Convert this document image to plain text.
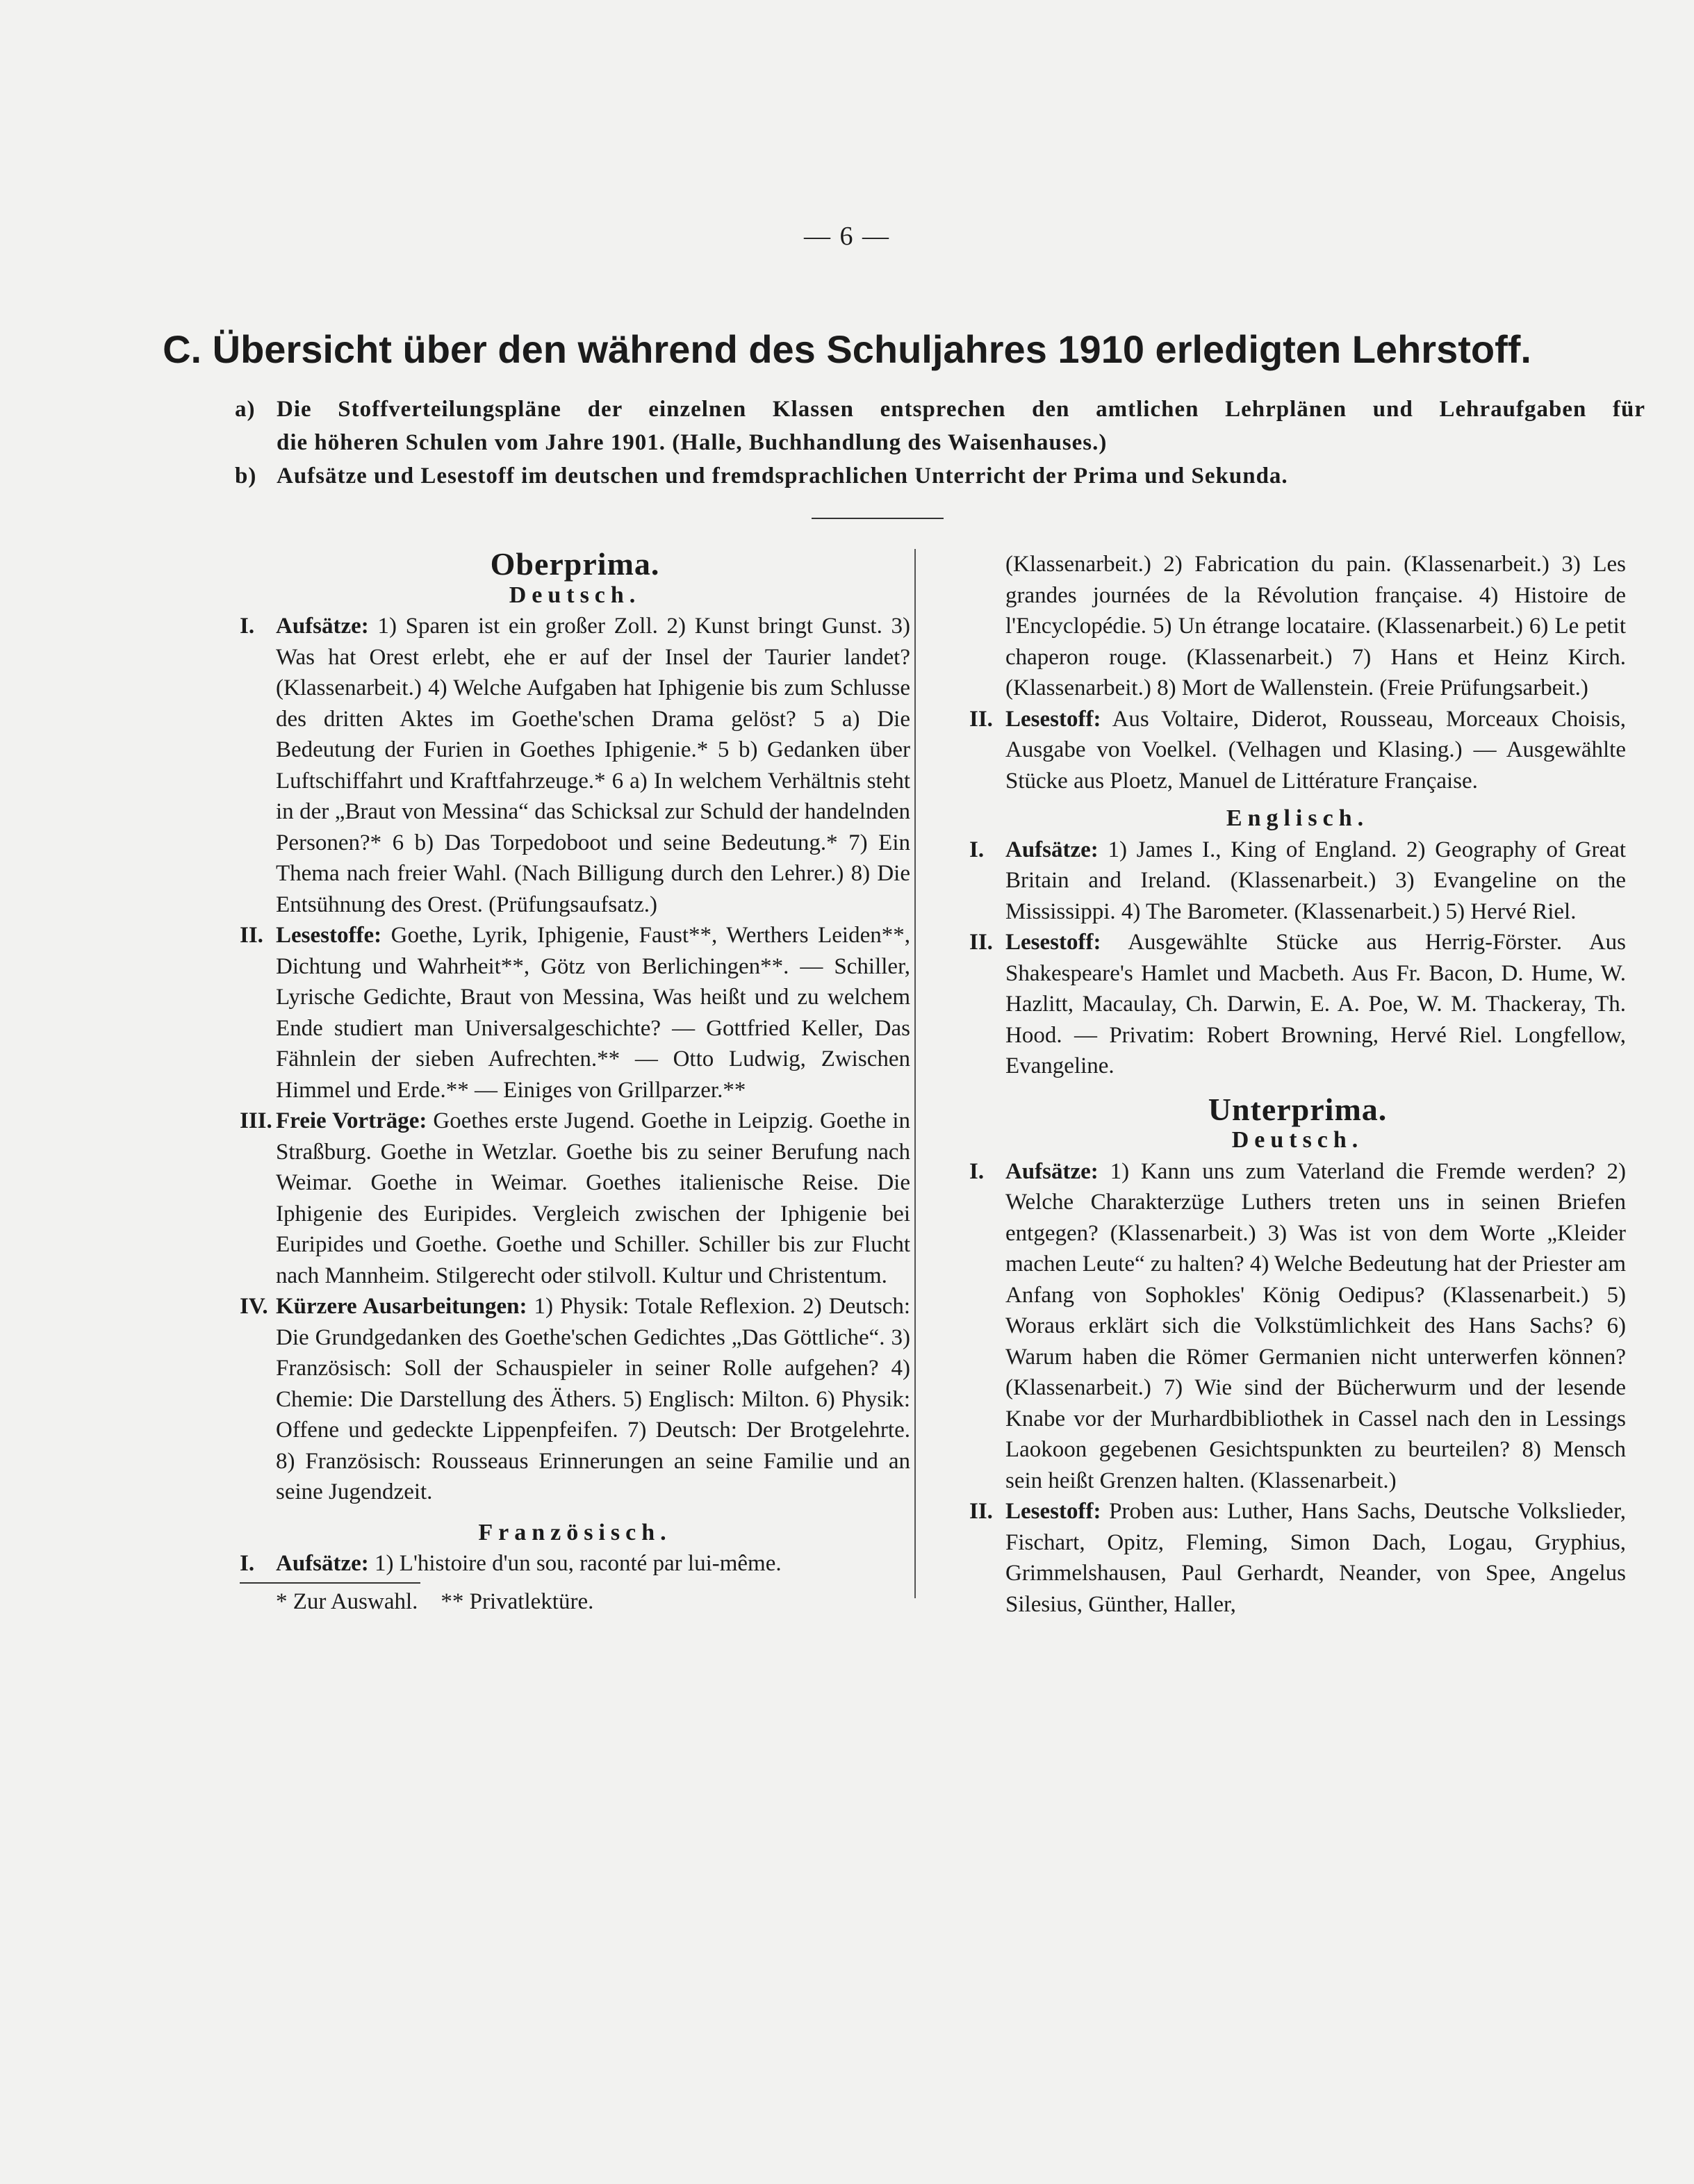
— 6 —
C. Übersicht über den während des Schuljahres 1910 erledigten Lehrstoff.
a) Die Stoffverteilungspläne der einzelnen Klassen entsprechen den amtlichen Lehrplänen und Lehraufgaben für
die höheren Schulen vom Jahre 1901. (Halle, Buchhandlung des Waisenhauses.)
b) Aufsätze und Lesestoff im deutschen und fremdsprachlichen Unterricht der Prima und Sekunda.

Oberprima.

Deutsch.

I. Aufsätze: 1) Sparen ist ein großer Zoll. 2) Kunst bringt Gunst. 3) Was hat Orest erlebt, ehe er auf der Insel der Taurier landet? (Klassenarbeit.) 4) Welche Aufgaben hat Iphigenie bis zum Schlusse des dritten Aktes im Goethe'schen Drama gelöst? 5 a) Die Bedeutung der Furien in Goethes Iphigenie.* 5 b) Gedanken über Luftschiffahrt und Kraftfahrzeuge.* 6 a) In welchem Verhältnis steht in der „Braut von Messina“ das Schicksal zur Schuld der handelnden Personen?* 6 b) Das Torpedoboot und seine Bedeutung.* 7) Ein Thema nach freier Wahl. (Nach Billigung durch den Lehrer.) 8) Die Entsühnung des Orest. (Prüfungsaufsatz.)
II. Lesestoffe: Goethe, Lyrik, Iphigenie, Faust**, Werthers Leiden**, Dichtung und Wahrheit**, Götz von Berlichingen**. — Schiller, Lyrische Gedichte, Braut von Messina, Was heißt und zu welchem Ende studiert man Universalgeschichte? — Gottfried Keller, Das Fähnlein der sieben Aufrechten.** — Otto Ludwig, Zwischen Himmel und Erde.** — Einiges von Grillparzer.**
III. Freie Vorträge: Goethes erste Jugend. Goethe in Leipzig. Goethe in Straßburg. Goethe in Wetzlar. Goethe bis zu seiner Berufung nach Weimar. Goethe in Weimar. Goethes italienische Reise. Die Iphigenie des Euripides. Vergleich zwischen der Iphigenie bei Euripides und Goethe. Goethe und Schiller. Schiller bis zur Flucht nach Mannheim. Stilgerecht oder stilvoll. Kultur und Christentum.
IV. Kürzere Ausarbeitungen: 1) Physik: Totale Reflexion. 2) Deutsch: Die Grundgedanken des Goethe'schen Gedichtes „Das Göttliche“. 3) Französisch: Soll der Schauspieler in seiner Rolle aufgehen? 4) Chemie: Die Darstellung des Äthers. 5) Englisch: Milton. 6) Physik: Offene und gedeckte Lippenpfeifen. 7) Deutsch: Der Brotgelehrte. 8) Französisch: Rousseaus Erinnerungen an seine Familie und an seine Jugendzeit.

Französisch.

I. Aufsätze: 1) L'histoire d'un sou, raconté par lui-même.
* Zur Auswahl.    ** Privatlektüre.
(Klassenarbeit.) 2) Fabrication du pain. (Klassenarbeit.) 3) Les grandes journées de la Révolution française. 4) Histoire de l'Encyclopédie. 5) Un étrange locataire. (Klassenarbeit.) 6) Le petit chaperon rouge. (Klassenarbeit.) 7) Hans et Heinz Kirch. (Klassenarbeit.) 8) Mort de Wallenstein. (Freie Prüfungsarbeit.)
II. Lesestoff: Aus Voltaire, Diderot, Rousseau, Morceaux Choisis, Ausgabe von Voelkel. (Velhagen und Klasing.) — Ausgewählte Stücke aus Ploetz, Manuel de Littérature Française.

Englisch.

I. Aufsätze: 1) James I., King of England. 2) Geography of Great Britain and Ireland. (Klassenarbeit.) 3) Evangeline on the Mississippi. 4) The Barometer. (Klassenarbeit.) 5) Hervé Riel.
II. Lesestoff: Ausgewählte Stücke aus Herrig-Förster. Aus Shakespeare's Hamlet und Macbeth. Aus Fr. Bacon, D. Hume, W. Hazlitt, Macaulay, Ch. Darwin, E. A. Poe, W. M. Thackeray, Th. Hood. — Privatim: Robert Browning, Hervé Riel. Longfellow, Evangeline.

Unterprima.

Deutsch.

I. Aufsätze: 1) Kann uns zum Vaterland die Fremde werden? 2) Welche Charakterzüge Luthers treten uns in seinen Briefen entgegen? (Klassenarbeit.) 3) Was ist von dem Worte „Kleider machen Leute“ zu halten? 4) Welche Bedeutung hat der Priester am Anfang von Sophokles' König Oedipus? (Klassenarbeit.) 5) Woraus erklärt sich die Volkstümlichkeit des Hans Sachs? 6) Warum haben die Römer Germanien nicht unterwerfen können? (Klassenarbeit.) 7) Wie sind der Bücherwurm und der lesende Knabe vor der Murhardbibliothek in Cassel nach den in Lessings Laokoon gegebenen Gesichtspunkten zu beurteilen? 8) Mensch sein heißt Grenzen halten. (Klassenarbeit.)
II. Lesestoff: Proben aus: Luther, Hans Sachs, Deutsche Volkslieder, Fischart, Opitz, Fleming, Simon Dach, Logau, Gryphius, Grimmelshausen, Paul Gerhardt, Neander, von Spee, Angelus Silesius, Günther, Haller,
